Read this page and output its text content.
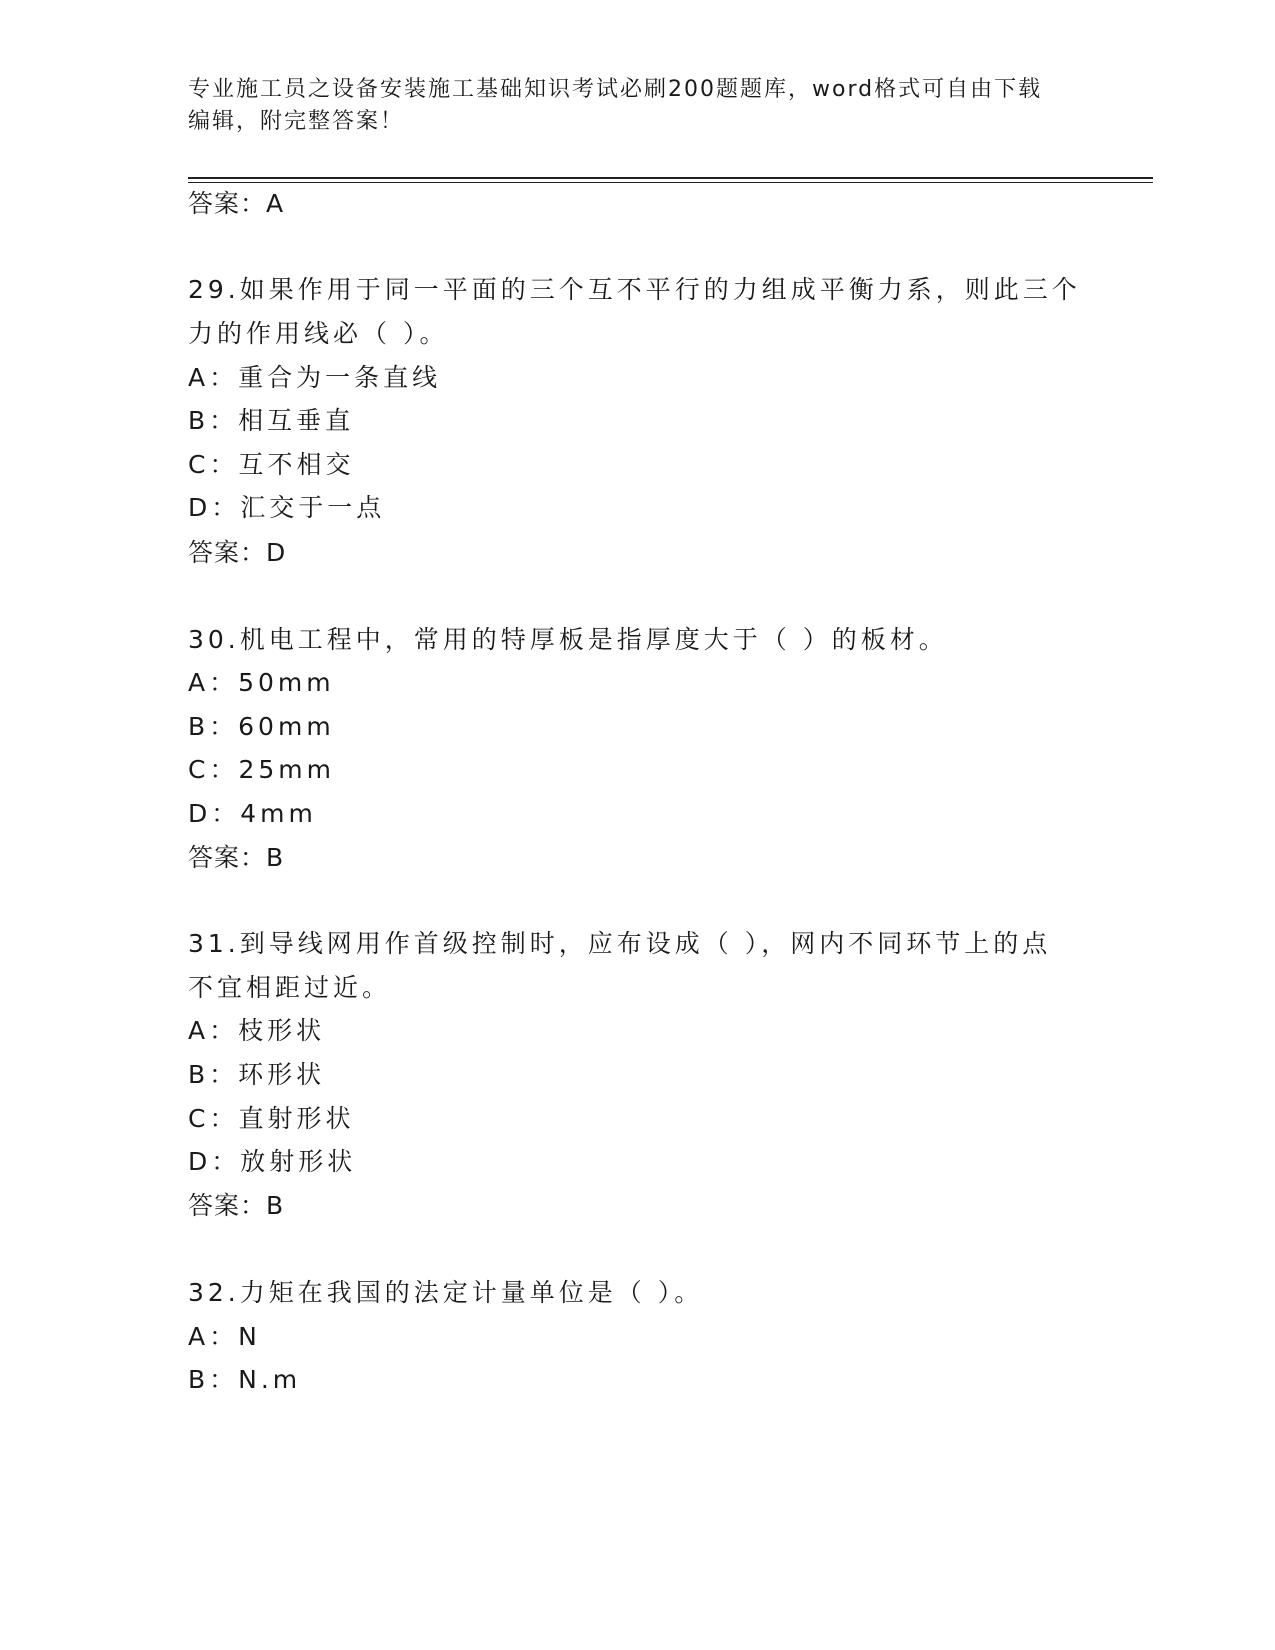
专业施工员之设备安装施工基础知识考试必刷200题题库，word格式可自由下载
编辑，附完整答案！
答案：A
29.如果作用于同一平面的三个互不平行的力组成平衡力系，则此三个
力的作用线必（ ）。
A：重合为一条直线
B：相互垂直
C：互不相交
D：汇交于一点
答案：D
30.机电工程中，常用的特厚板是指厚度大于（ ）的板材。
A：50mm
B：60mm
C：25mm
D：4mm
答案：B
31.到导线网用作首级控制时，应布设成（ ），网内不同环节上的点
不宜相距过近。
A：枝形状
B：环形状
C：直射形状
D：放射形状
答案：B
32.力矩在我国的法定计量单位是（ ）。
A：N
B：N.m
